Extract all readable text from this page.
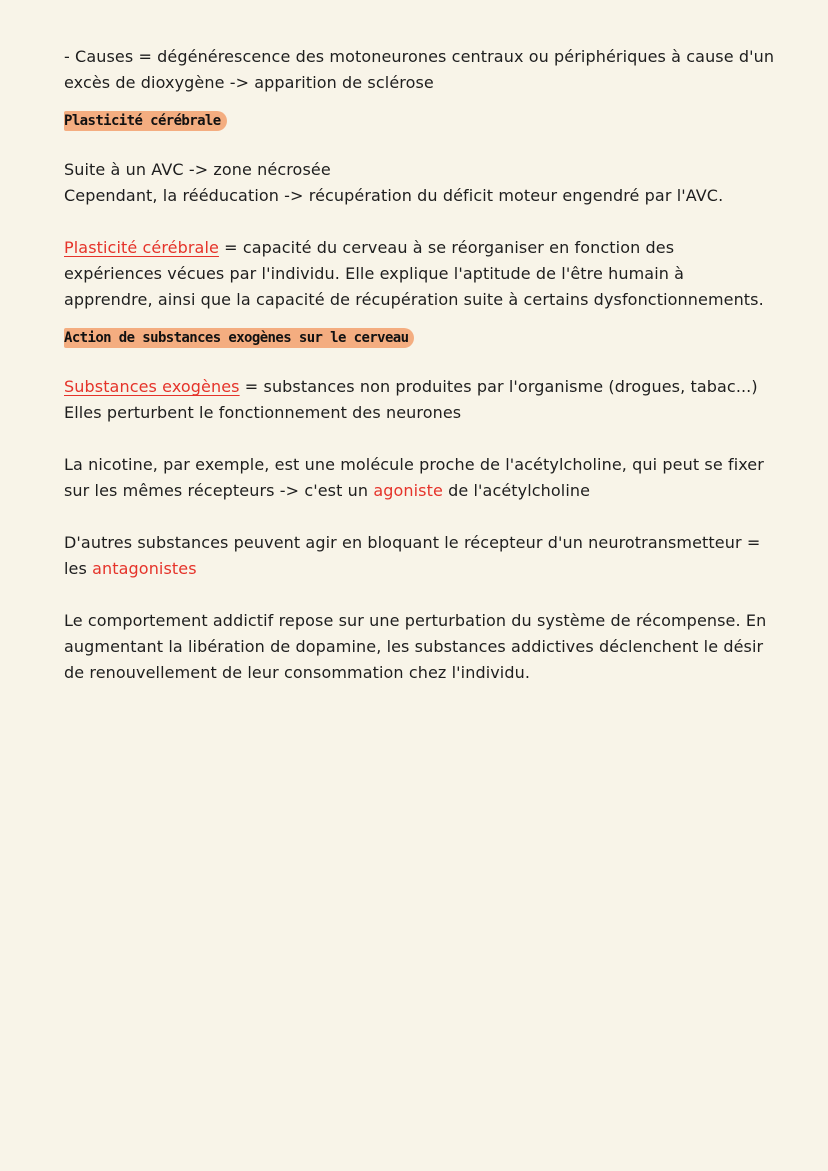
- Causes = dégénérescence des motoneurones centraux ou périphériques à cause d'un
excès de dioxygène -> apparition de sclérose
Plasticité cérébrale
Suite à un AVC -> zone nécrosée
Cependant, la rééducation -> récupération du déficit moteur engendré par l'AVC.
Plasticité cérébrale = capacité du cerveau à se réorganiser en fonction des
expériences vécues par l'individu. Elle explique l'aptitude de l'être humain à
apprendre, ainsi que la capacité de récupération suite à certains dysfonctionnements.
Action de substances exogènes sur le cerveau
Substances exogènes = substances non produites par l'organisme (drogues, tabac...)
Elles perturbent le fonctionnement des neurones
La nicotine, par exemple, est une molécule proche de l'acétylcholine, qui peut se fixer
sur les mêmes récepteurs -> c'est un agoniste de l'acétylcholine
D'autres substances peuvent agir en bloquant le récepteur d'un neurotransmetteur =
les antagonistes
Le comportement addictif repose sur une perturbation du système de récompense. En
augmentant la libération de dopamine, les substances addictives déclenchent le désir
de renouvellement de leur consommation chez l'individu.
